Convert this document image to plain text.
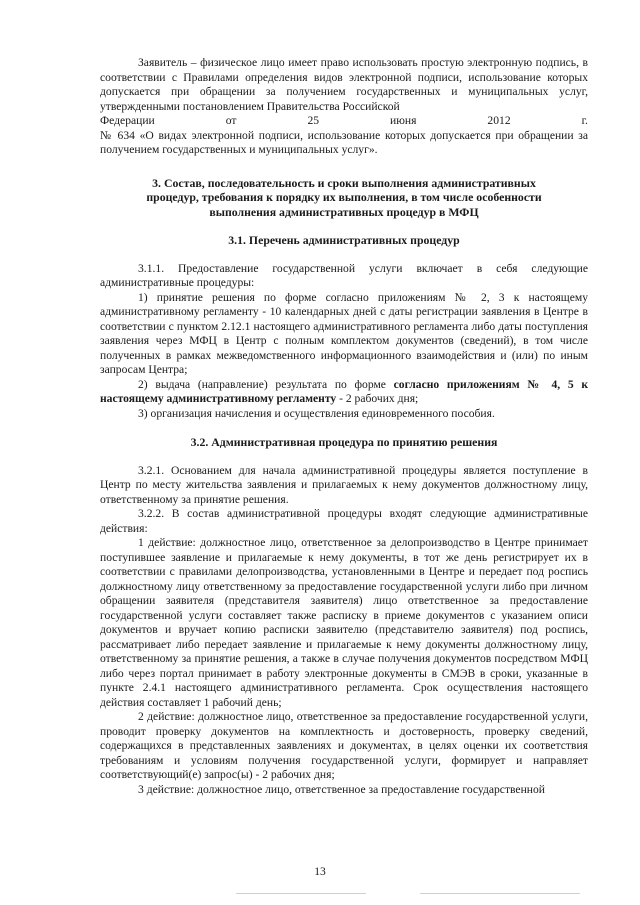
Заявитель – физическое лицо имеет право использовать простую электронную подпись, в соответствии с Правилами определения видов электронной подписи, использование которых допускается при обращении за получением государственных и муниципальных услуг, утвержденными постановлением Правительства Российской

Федерации	от	25	июня	2012	г.

№ 634 «О видах электронной подписи, использование которых допускается при обращении за получением государственных и муниципальных услуг».

3. Состав, последовательность и сроки выполнения административных процедур, требования к порядку их выполнения, в том числе особенности выполнения административных процедур в МФЦ

3.1. Перечень административных процедур

3.1.1. Предоставление государственной услуги включает в себя следующие административные процедуры:

1) принятие решения по форме согласно приложениям № 2, 3 к настоящему административному регламенту - 10 календарных дней с даты регистрации заявления в Центре в соответствии с пунктом 2.12.1 настоящего административного регламента либо даты поступления заявления через МФЦ в Центр с полным комплектом документов (сведений), в том числе полученных в рамках межведомственного информационного взаимодействия и (или) по иным запросам Центра;

2) выдача (направление) результата по форме согласно приложениям № 4, 5 к настоящему административному регламенту - 2 рабочих дня;

3) организация начисления и осуществления единовременного пособия.

3.2. Административная процедура по принятию решения

3.2.1. Основанием для начала административной процедуры является поступление в Центр по месту жительства заявления и прилагаемых к нему документов должностному лицу, ответственному за принятие решения.

3.2.2. В состав административной процедуры входят следующие административные действия:

1 действие: должностное лицо, ответственное за делопроизводство в Центре принимает поступившее заявление и прилагаемые к нему документы, в тот же день регистрирует их в соответствии с правилами делопроизводства, установленными в Центре и передает под роспись должностному лицу ответственному за предоставление государственной услуги либо при личном обращении заявителя (представителя заявителя) лицо ответственное за предоставление государственной услуги составляет также расписку в приеме документов с указанием описи документов и вручает копию расписки заявителю (представителю заявителя) под роспись, рассматривает либо передает заявление и прилагаемые к нему документы должностному лицу, ответственному за принятие решения, а также в случае получения документов посредством МФЦ либо через портал принимает в работу электронные документы в СМЭВ в сроки, указанные в пункте 2.4.1 настоящего административного регламента. Срок осуществления настоящего действия составляет 1 рабочий день;

2 действие: должностное лицо, ответственное за предоставление государственной услуги, проводит проверку документов на комплектность и достоверность, проверку сведений, содержащихся в представленных заявлениях и документах, в целях оценки их соответствия требованиям и условиям получения государственной услуги, формирует и направляет соответствующий(е) запрос(ы) - 2 рабочих дня;

3 действие: должностное лицо, ответственное за предоставление государственной

13
